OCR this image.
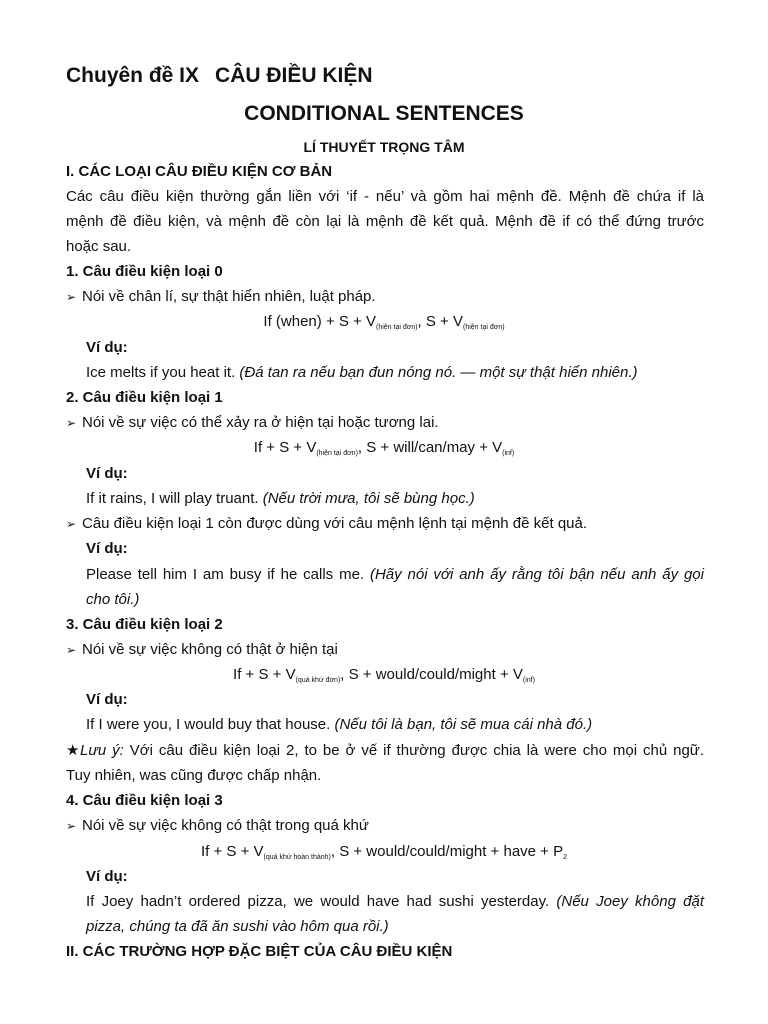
Chuyên đề IX CÂU ĐIỀU KIỆN
CONDITIONAL SENTENCES
LÍ THUYẾT TRỌNG TÂM
I. CÁC LOẠI CÂU ĐIỀU KIỆN CƠ BẢN
Các câu điều kiện thường gắn liền với ‘if - nếu’ và gồm hai mệnh đề. Mệnh đề chứa if là
mệnh đề điều kiện, và mệnh đề còn lại là mệnh đề kết quả. Mệnh đề if có thể đứng trước
hoặc sau.
1. Câu điều kiện loại 0
➢ Nói về chân lí, sự thật hiển nhiên, luật pháp.
If (when) + $S + V_{(hiện tại đơn)}$, $S + V_{(hiện tại đơn)}$
Ví dụ:
Ice melts if you heat it. (Đá tan ra nếu bạn đun nóng nó. — một sự thật hiển nhiên.)
2. Câu điều kiện loại 1
➢ Nói về sự việc có thể xảy ra ở hiện tại hoặc tương lai.
$If + S + V_{(hiện tại đơn)}$, S + will/can/may + $V_{(inf)}$
Ví dụ:
If it rains, I will play truant. (Nếu trời mưa, tôi sẽ bùng học.)
➢ Câu điều kiện loại 1 còn được dùng với câu mệnh lệnh tại mệnh đề kết quả.
Ví dụ:
Please tell him I am busy if he calls me. (Hãy nói với anh ấy rằng tôi bận nếu anh ấy gọi
cho tôi.)
3. Câu điều kiện loại 2
➢ Nói về sự việc không có thật ở hiện tại
$If + S + V_{(quá khứ đơn)}$, S + would/could/might + $V_{(inf)}$
Ví dụ:
If I were you, I would buy that house. (Nếu tôi là bạn, tôi sẽ mua cái nhà đó.)
★Lưu ý: Với câu điều kiện loại 2, to be ở vế if thường được chia là were cho mọi chủ ngữ.
Tuy nhiên, was cũng được chấp nhận.
4. Câu điều kiện loại 3
➢ Nói về sự việc không có thật trong quá khứ
$If + S + V_{(quá khứ hoàn thành)}$, S + would/could/might + have + $P_2$
Ví dụ:
If Joey hadn’t ordered pizza, we would have had sushi yesterday. (Nếu Joey không đặt
pizza, chúng ta đã ăn sushi vào hôm qua rồi.)
II. CÁC TRƯỜNG HỢP ĐẶC BIỆT CỦA CÂU ĐIỀU KIỆN
